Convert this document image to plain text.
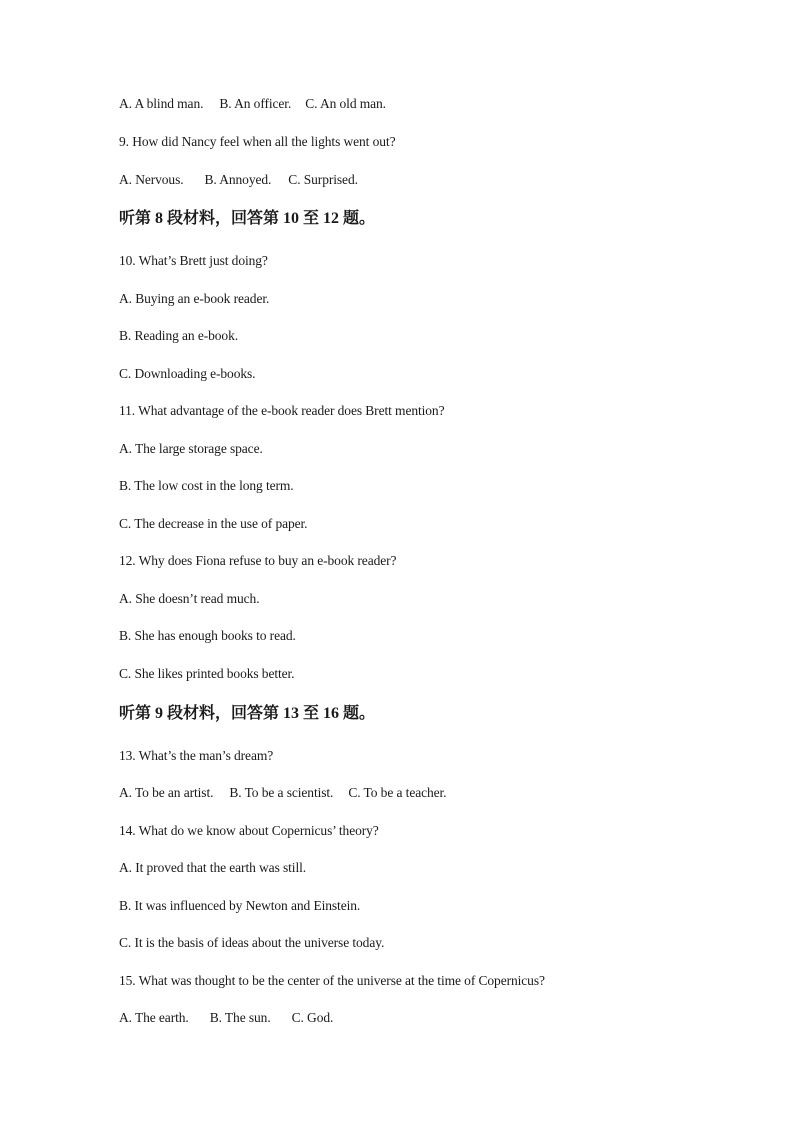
A. A blind man. B. An officer. C. An old man.
9. How did Nancy feel when all the lights went out?
A. Nervous. B. Annoyed. C. Surprised.
听第 8 段材料，回答第 10 至 12 题。
10. What’s Brett just doing?
A. Buying an e-book reader.
B. Reading an e-book.
C. Downloading e-books.
11. What advantage of the e-book reader does Brett mention?
A. The large storage space.
B. The low cost in the long term.
C. The decrease in the use of paper.
12. Why does Fiona refuse to buy an e-book reader?
A. She doesn’t read much.
B. She has enough books to read.
C. She likes printed books better.
听第 9 段材料，回答第 13 至 16 题。
13. What’s the man’s dream?
A. To be an artist. B. To be a scientist. C. To be a teacher.
14. What do we know about Copernicus’ theory?
A. It proved that the earth was still.
B. It was influenced by Newton and Einstein.
C. It is the basis of ideas about the universe today.
15. What was thought to be the center of the universe at the time of Copernicus?
A. The earth. B. The sun. C. God.
